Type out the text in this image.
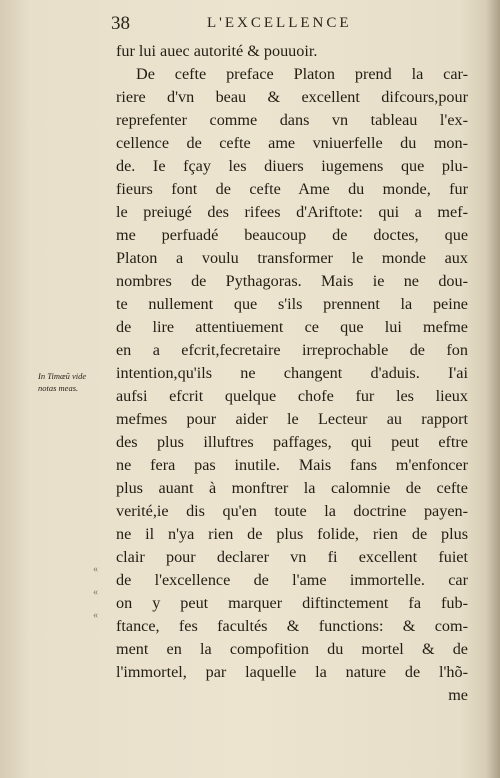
38	L'EXCELLENCE
In Timæũ vide
notas meas.
«
«
«
fur lui auec autorité & pouuoir.
De cefte preface Platon prend la car-
riere d'vn beau & excellent difcours,pour
reprefenter comme dans vn tableau l'ex-
cellence de cefte ame vniuerfelle du mon-
de. Ie fçay les diuers iugemens que plu-
fieurs font de cefte Ame du monde, fur
le preiugé des rifees d'Ariftote: qui a mef-
me perfuadé beaucoup de doctes, que
Platon a voulu transformer le monde aux
nombres de Pythagoras. Mais ie ne dou-
te nullement que s'ils prennent la peine
de lire attentiuement ce que lui mefme
en a efcrit,fecretaire irreprochable de fon
intention,qu'ils ne changent d'aduis. I'ai
aufsi efcrit quelque chofe fur les lieux
mefmes pour aider le Lecteur au rapport
des plus illuftres paffages, qui peut eftre
ne fera pas inutile. Mais fans m'enfoncer
plus auant à monftrer la calomnie de cefte
verité,ie dis qu'en toute la doctrine payen-
ne il n'ya rien de plus folide, rien de plus
clair pour declarer vn fi excellent fuiet
de l'excellence de l'ame immortelle. car
on y peut marquer diftinctement fa fub-
ftance, fes facultés & functions: & com-
ment en la compofition du mortel & de
l'immortel, par laquelle la nature de l'hõ-
me
